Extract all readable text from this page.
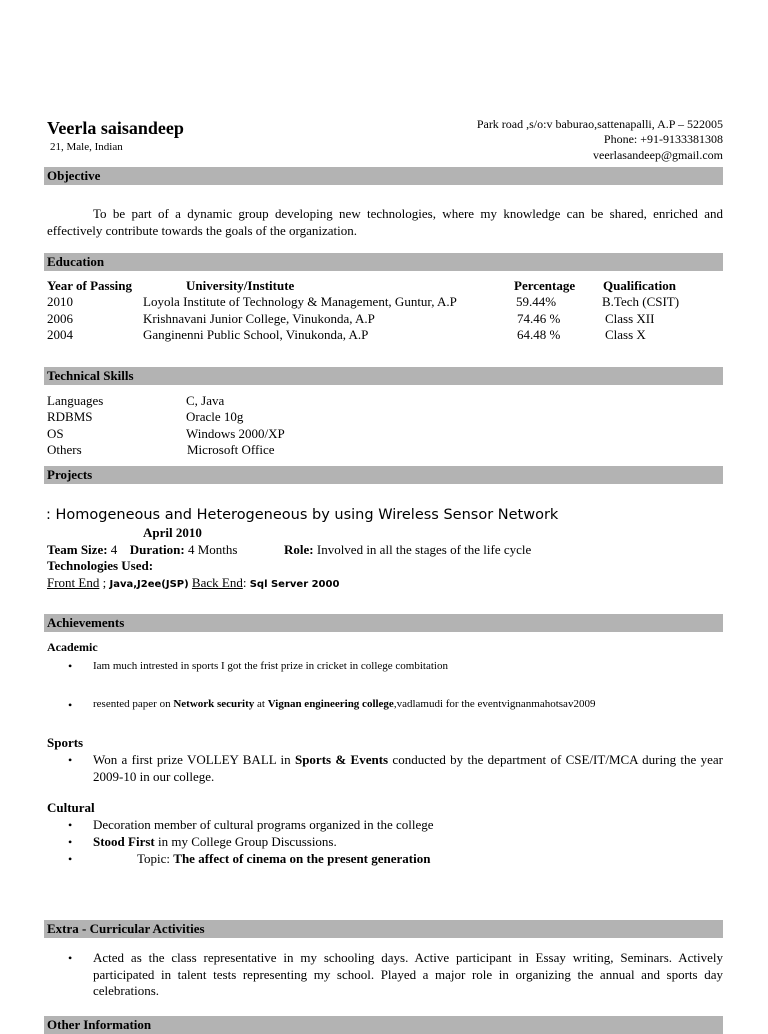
Veerla saisandeep
21, Male, Indian
Park road ,s/o:v baburao,sattenapalli, A.P – 522005
Phone: +91-9133381308
veerlasandeep@gmail.com
Objective
To be part of a dynamic group developing new technologies, where my knowledge can be shared, enriched and effectively contribute towards the goals of the organization.
Education
Year of Passing	University/Institute	Percentage Qualification
2010	Loyola Institute of Technology & Management, Guntur, A.P	59.44%	B.Tech (CSIT)
2006	Krishnavani Junior College, Vinukonda, A.P	74.46 %	Class XII
2004	Ganginenni Public School, Vinukonda, A.P	64.48 %	Class X
Technical Skills
Languages	C, Java
RDBMS	Oracle 10g
OS	Windows 2000/XP
Others	Microsoft Office
Projects
: Homogeneous and Heterogeneous by using Wireless Sensor Network
April 2010
Team Size: 4 Duration: 4 Months	Role: Involved in all the stages of the life cycle
Technologies Used:
Front End ; Java,J2ee(JSP) Back End: Sql Server 2000
Achievements
Academic
• Iam much intrested in sports I got the frist prize in cricket in college combitation
• resented paper on Network security at Vignan engineering college,vadlamudi for the eventvignanmahotsav2009
Sports
• Won a first prize VOLLEY BALL in Sports & Events conducted by the department of CSE/IT/MCA during the year 2009-10 in our college.
Cultural
• Decoration member of cultural programs organized in the college
• Stood First in my College Group Discussions.
•	Topic: The affect of cinema on the present generation
Extra - Curricular Activities
• Acted as the class representative in my schooling days. Active participant in Essay writing, Seminars. Actively participated in talent tests representing my school. Played a major role in organizing the annual and sports day celebrations.
Other Information
